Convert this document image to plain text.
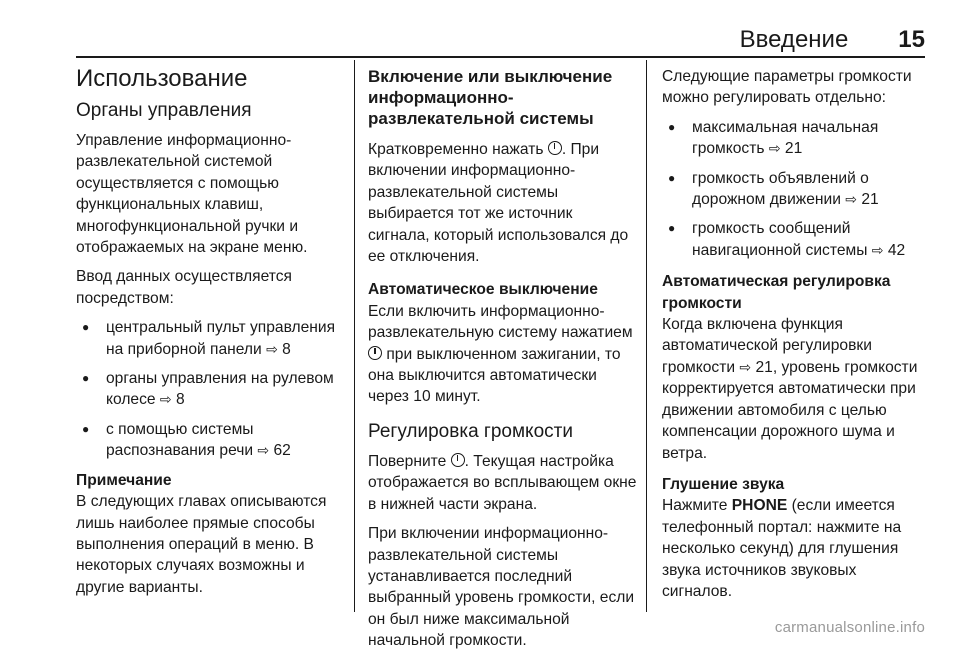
Введение 15
Использование
Органы управления

Управление информационно-развлекательной системой осуществляется с помощью функциональных клавиш, многофункциональной ручки и отображаемых на экране меню.

Ввод данных осуществляется посредством:

● центральный пульт управления на приборной панели ⇨ 8
● органы управления на рулевом колесе ⇨ 8
● с помощью системы распознавания речи ⇨ 62
Примечание

В следующих главах описываются лишь наиболее прямые способы выполнения операций в меню. В некоторых случаях возможны и другие варианты.

Включение или выключение информационно-развлекательной системы

Кратковременно нажать . При включении информационно-развлекательной системы выбирается тот же источник сигнала, который использовался до ее отключения.

Автоматическое выключение

Если включить информационно-развлекательную систему нажатием  при выключенном зажигании, то она выключится автоматически через 10 минут.

Регулировка громкости

Поверните . Текущая настройка отображается во всплывающем окне в нижней части экрана.

При включении информационно-развлекательной системы устанавливается последний выбранный уровень громкости, если он был ниже максимальной начальной громкости.

Следующие параметры громкости можно регулировать отдельно:

● максимальная начальная громкость ⇨ 21
● громкость объявлений о дорожном движении ⇨ 21
● громкость сообщений навигационной системы ⇨ 42
Автоматическая регулировка громкости

Когда включена функция автоматической регулировки громкости ⇨ 21, уровень громкости корректируется автоматически при движении автомобиля с целью компенсации дорожного шума и ветра.

Глушение звука

Нажмите PHONE (если имеется телефонный портал: нажмите на несколько секунд) для глушения звука источников звуковых сигналов.

carmanualsonline.info
